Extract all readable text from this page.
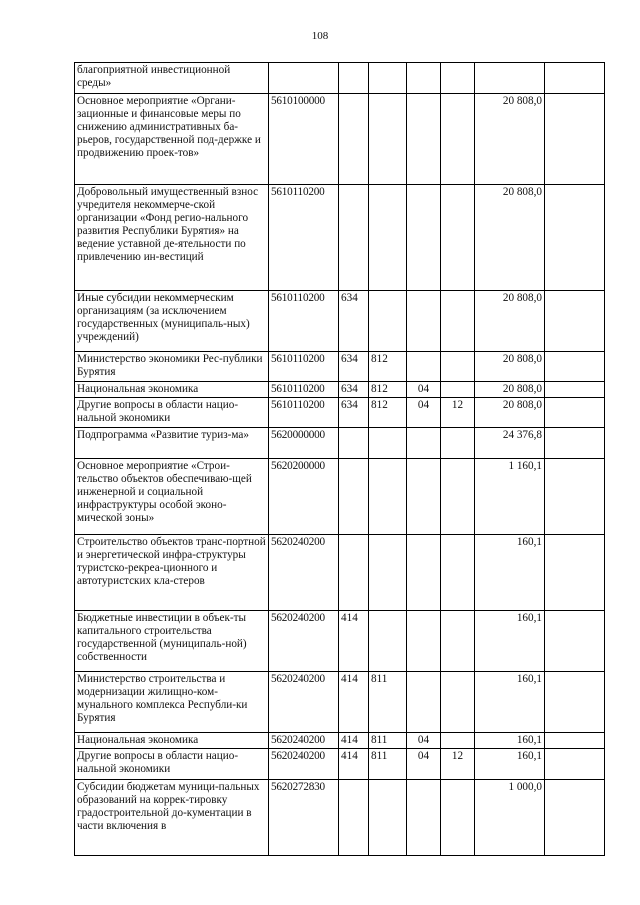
108
благоприятной инвестиционной среды»							
Основное мероприятие «Органи-зационные и финансовые меры по снижению административных ба-рьеров, государственной под-держке и продвижению проек-тов»	5610100000					20 808,0	
Добровольный имущественный взнос учредителя некоммерче-ской организации «Фонд регио-нального развития Республики Бурятия» на ведение уставной де-ятельности по привлечению ин-вестиций	5610110200					20 808,0	
Иные субсидии некоммерческим организациям (за исключением государственных (муниципаль-ных) учреждений)	5610110200	634				20 808,0	
Министерство экономики Рес-публики Бурятия	5610110200	634	812			20 808,0	
Национальная экономика	5610110200	634	812	04		20 808,0	
Другие вопросы в области нацио-нальной экономики	5610110200	634	812	04	12	20 808,0	
Подпрограмма «Развитие туриз-ма»	5620000000					24 376,8	
Основное мероприятие «Строи-тельство объектов обеспечиваю-щей инженерной и социальной инфраструктуры особой эконо-мической зоны»	5620200000					1 160,1	
Строительство объектов транс-портной и энергетической инфра-структуры туристско-рекреа-ционного и автотуристских кла-стеров	5620240200					160,1	
Бюджетные инвестиции в объек-ты капитального строительства государственной (муниципаль-ной) собственности	5620240200	414				160,1	
Министерство строительства и модернизации жилищно-ком-мунального комплекса Республи-ки Бурятия	5620240200	414	811			160,1	
Национальная экономика	5620240200	414	811	04		160,1	
Другие вопросы в области нацио-нальной экономики	5620240200	414	811	04	12	160,1	
Субсидии бюджетам муници-пальных образований на коррек-тировку градостроительной до-кументации в части включения в	5620272830					1 000,0	
